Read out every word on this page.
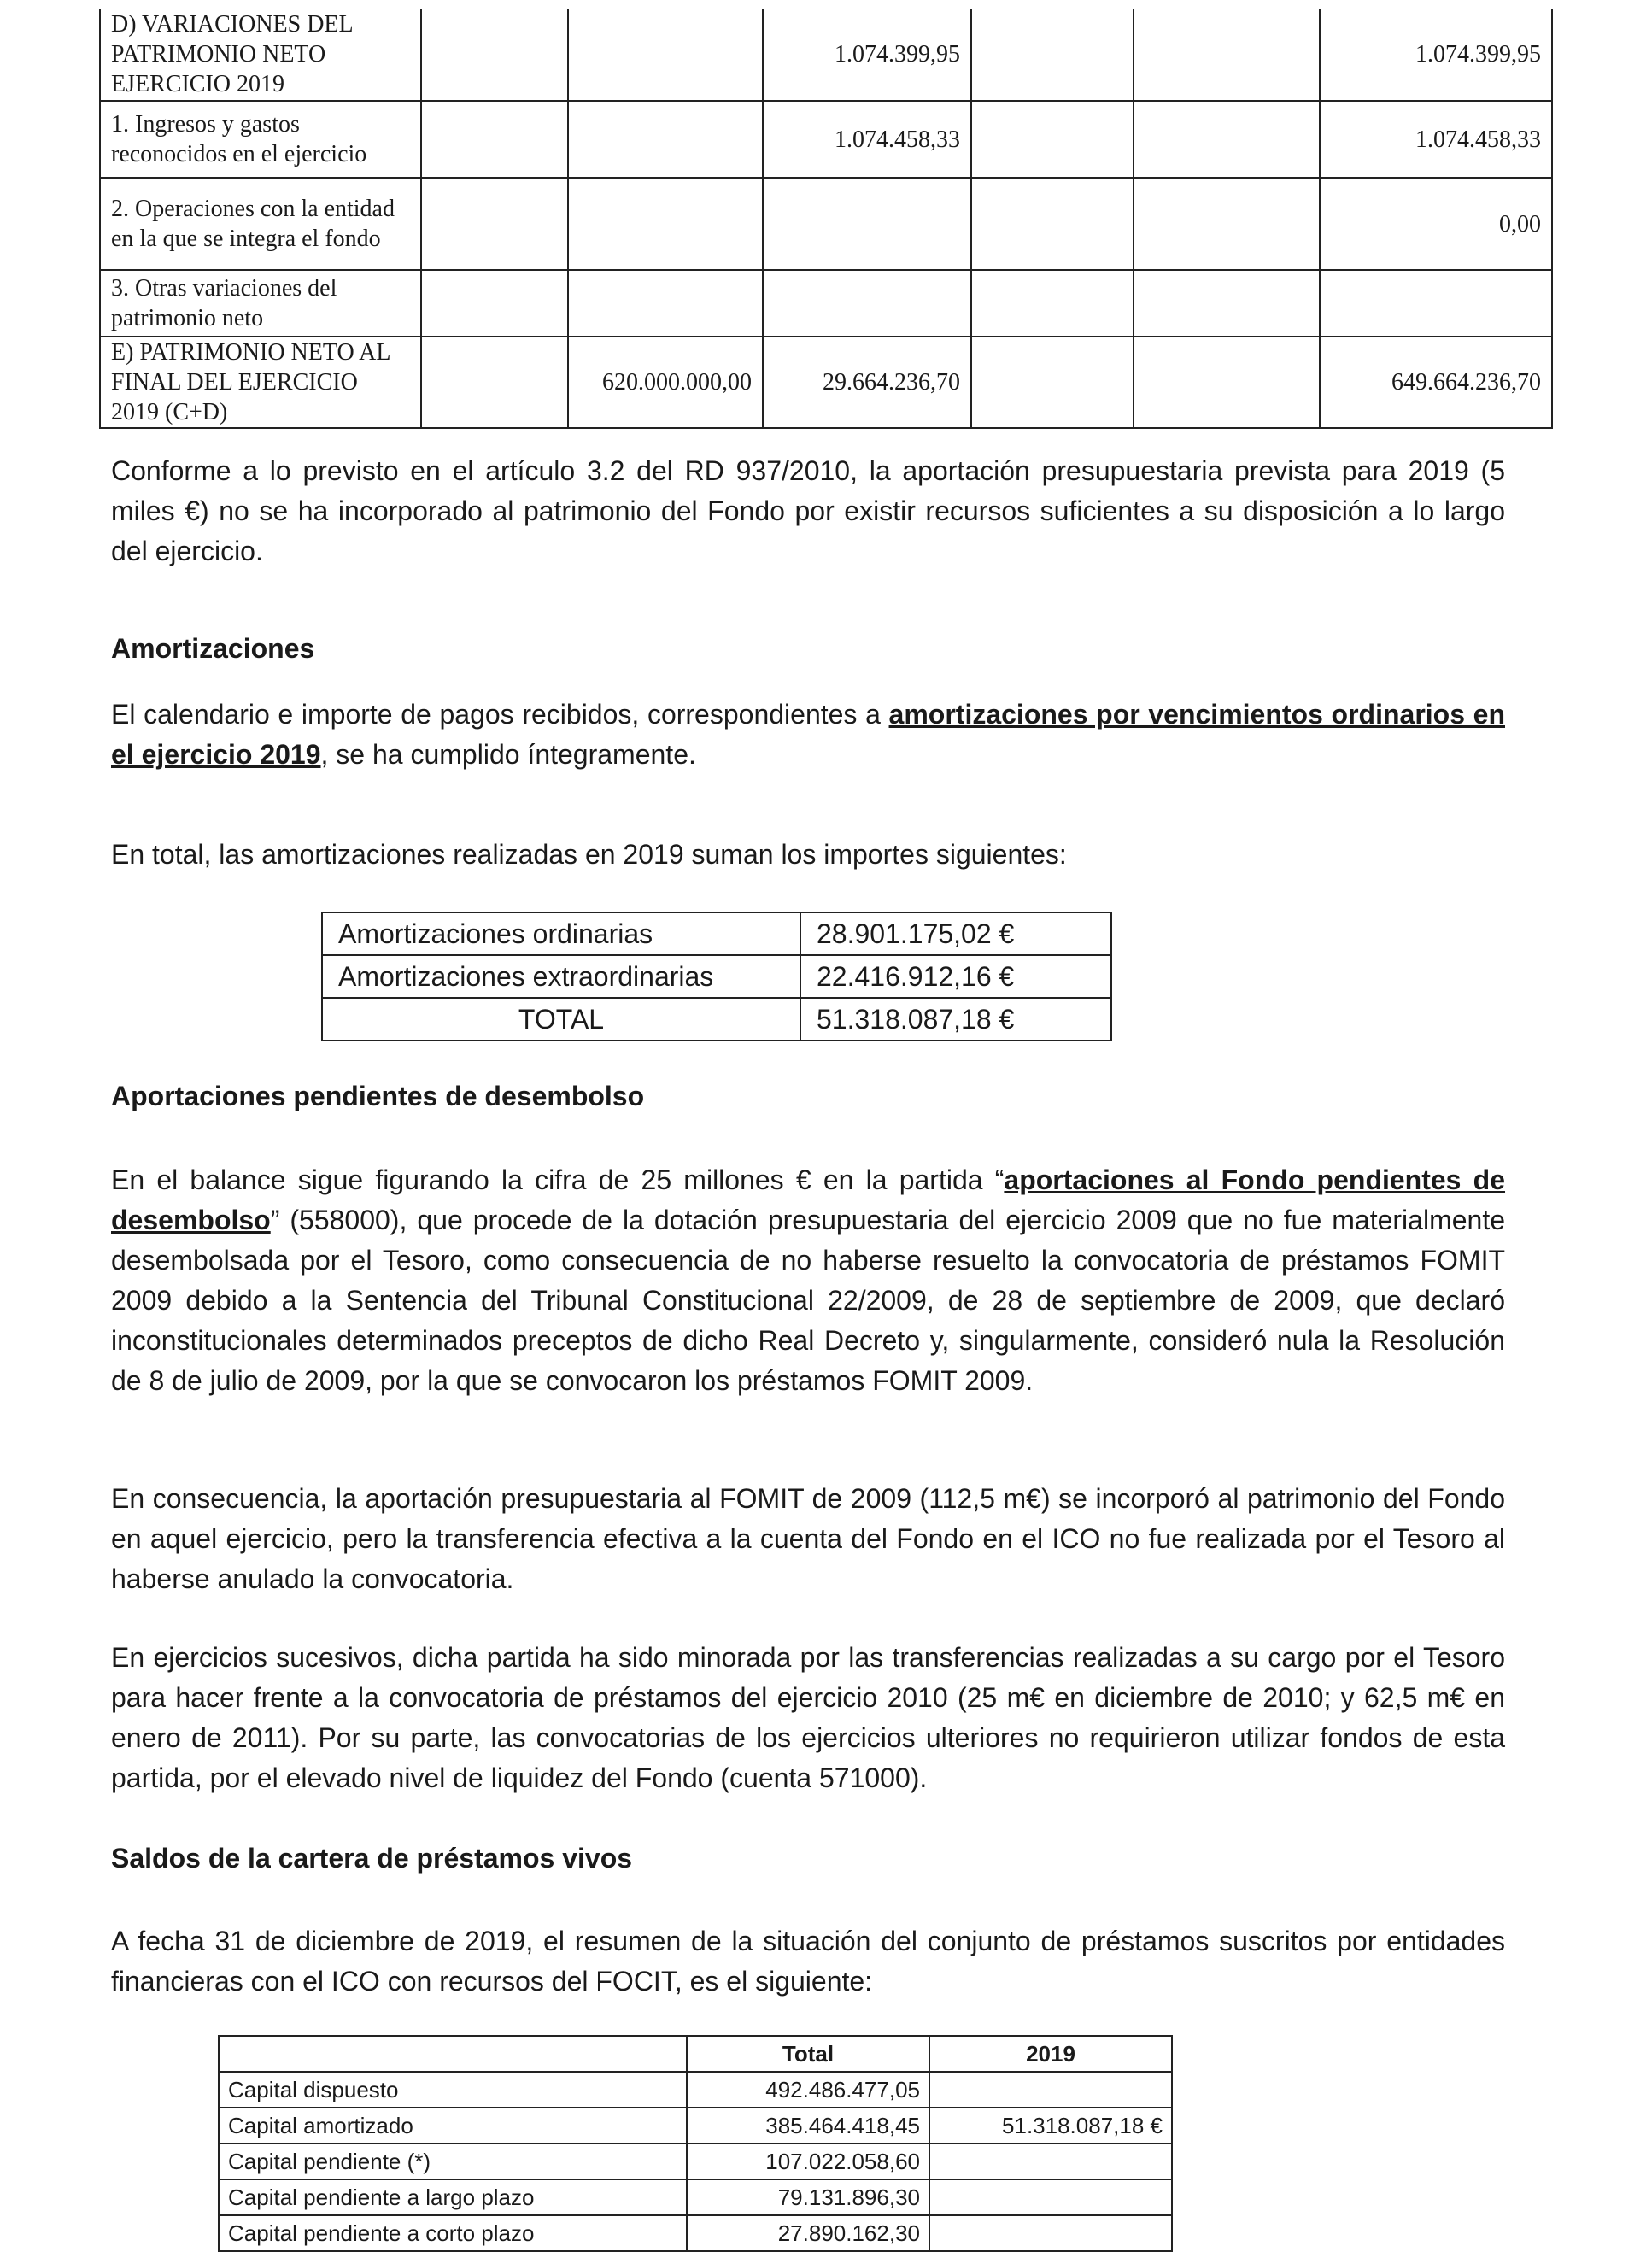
D) VARIACIONES DEL PATRIMONIO NETO EJERCICIO 2019			1.074.399,95			1.074.399,95
1. Ingresos y gastos reconocidos en el ejercicio			1.074.458,33			1.074.458,33
2. Operaciones con la entidad en la que se integra el fondo						0,00
3. Otras variaciones del patrimonio neto						
E) PATRIMONIO NETO AL FINAL DEL EJERCICIO 2019 (C+D)		620.000.000,00	29.664.236,70			649.664.236,70

Conforme a lo previsto en el artículo 3.2 del RD 937/2010, la aportación presupuestaria prevista para 2019 (5 miles €) no se ha incorporado al patrimonio del Fondo por existir recursos suficientes a su disposición a lo largo del ejercicio.

Amortizaciones

El calendario e importe de pagos recibidos, correspondientes a amortizaciones por vencimientos ordinarios en el ejercicio 2019, se ha cumplido íntegramente.

En total, las amortizaciones realizadas en 2019 suman los importes siguientes:

Amortizaciones ordinarias	28.901.175,02 €
Amortizaciones extraordinarias	22.416.912,16 €
TOTAL	51.318.087,18 €
Aportaciones pendientes de desembolso

En el balance sigue figurando la cifra de 25 millones € en la partida “aportaciones al Fondo pendientes de desembolso” (558000), que procede de la dotación presupuestaria del ejercicio 2009 que no fue materialmente desembolsada por el Tesoro, como consecuencia de no haberse resuelto la convocatoria de préstamos FOMIT 2009 debido a la Sentencia del Tribunal Constitucional 22/2009, de 28 de septiembre de 2009, que declaró inconstitucionales determinados preceptos de dicho Real Decreto y, singularmente, consideró nula la Resolución de 8 de julio de 2009, por la que se convocaron los préstamos FOMIT 2009.

En consecuencia, la aportación presupuestaria al FOMIT de 2009 (112,5 m€) se incorporó al patrimonio del Fondo en aquel ejercicio, pero la transferencia efectiva a la cuenta del Fondo en el ICO no fue realizada por el Tesoro al haberse anulado la convocatoria.

En ejercicios sucesivos, dicha partida ha sido minorada por las transferencias realizadas a su cargo por el Tesoro para hacer frente a la convocatoria de préstamos del ejercicio 2010 (25 m€ en diciembre de 2010; y 62,5 m€ en enero de 2011). Por su parte, las convocatorias de los ejercicios ulteriores no requirieron utilizar fondos de esta partida, por el elevado nivel de liquidez del Fondo (cuenta 571000).

Saldos de la cartera de préstamos vivos

A fecha 31 de diciembre de 2019, el resumen de la situación del conjunto de préstamos suscritos por entidades financieras con el ICO con recursos del FOCIT, es el siguiente:

	Total	2019
Capital dispuesto	492.486.477,05	
Capital amortizado	385.464.418,45	51.318.087,18 €
Capital pendiente (*)	107.022.058,60	
Capital pendiente a largo plazo	79.131.896,30	
Capital pendiente a corto plazo	27.890.162,30	
